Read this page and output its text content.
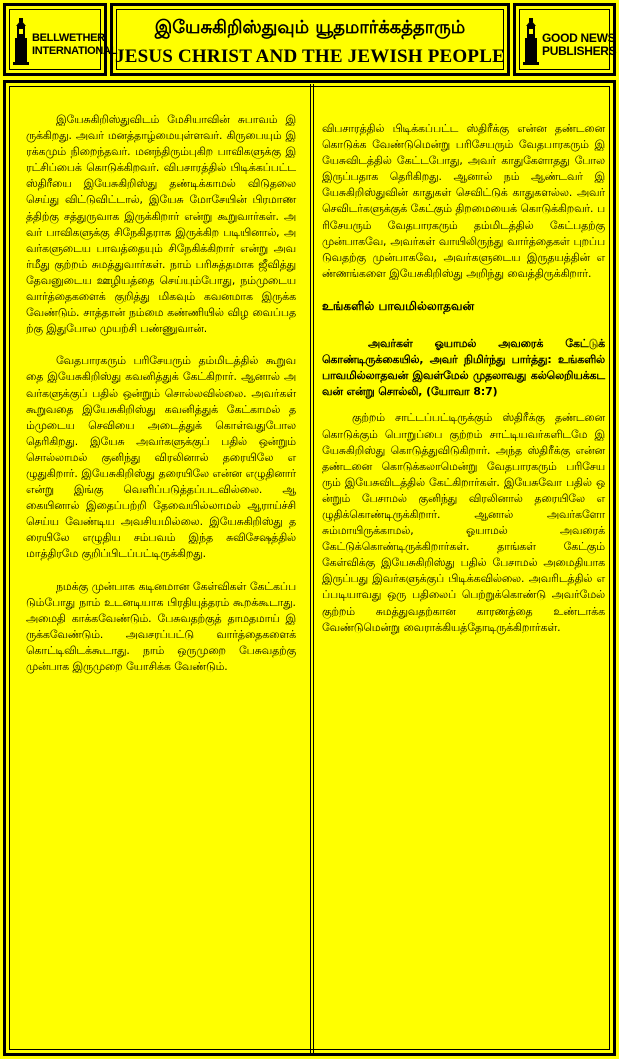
BELLWETHER
INTERNATIONAL
இயேசுகிறிஸ்துவும் யூதமார்க்கத்தாரும்
JESUS CHRIST AND THE JEWISH PEOPLE
GOOD NEWS
PUBLISHERS

இயேசுகிறிஸ்துவிடம் மேசியாவின் சுபாவம் இருக்கிறது. அவர் மனத்தாழ்மையுள்ளவர். கிருபையும் இரக்கமும் நிறைந்தவர். மனந்திரும்புகிற பாவிகளுக்கு இரட்சிப்பைக் கொடுக்கிறவர். விபசாரத்தில் பிடிக்கப்பட்ட ஸ்திரீயை இயேசுகிறிஸ்து தண்டிக்காமல் விடுதலை செய்து விட்டுவிட்டால், இயேசு மோசேயின் பிரமாணத்திற்கு சத்துருவாக இருக்கிறார் என்று கூறுவார்கள். அவர் பாவிகளுக்கு சிநேகிதராக இருக்கிற படியினால், அவர்களுடைய பாவத்தையும் சிநேகிக்கிறார் என்று அவர்மீது குற்றம் சுமத்துவார்கள். நாம் பரிசுத்தமாக ஜீவித்து தேவனுடைய ஊழியத்தை செய்யும்போது, நம்முடைய வார்த்தைகளைக் குறித்து மிகவும் கவனமாக இருக்கவேண்டும். சாத்தான் நம்மை கண்ணியில் விழ வைப்பதற்கு இதுபோல முயற்சி பண்ணுவான்.

வேதபாரகரும் பரிசேயரும் தம்மிடத்தில் கூறுவதை இயேசுகிறிஸ்து கவனித்துக் கேட்கிறார். ஆனால் அவர்களுக்குப் பதில் ஒன்றும் சொல்லவில்லை. அவர்கள் கூறுவதை இயேசுகிறிஸ்து கவனித்துக் கேட்காமல் தம்முடைய செவியை அடைத்துக் கொள்வதுபோல தெரிகிறது. இயேசு அவர்களுக்குப் பதில் ஒன்றும் சொல்லாமல் குனிந்து விரலினால் தரையிலே எழுதுகிறார். இயேசுகிறிஸ்து தரையிலே என்ன எழுதினார் என்று இங்கு வெளிப்படுத்தப்படவில்லை. ஆகையினால் இதைப்பற்றி தேவையில்லாமல் ஆராய்ச்சி செய்ய வேண்டிய அவசியமில்லை. இயேசுகிறிஸ்து தரையிலே எழுதிய சம்பவம் இந்த சுவிசேஷத்தில் மாத்திரமே குறிப்பிடப்பட்டிருக்கிறது.

நமக்கு முன்பாக கடினமான கேள்விகள் கேட்கப்படும்போது நாம் உடனடியாக பிரதியுத்தரம் கூறக்கூடாது. அமைதி காக்கவேண்டும். பேசுவதற்குத் தாமதமாய் இருக்கவேண்டும். அவசரப்பட்டு வார்த்தைகளைக் கொட்டிவிடக்கூடாது. நாம் ஒருமுறை பேசுவதற்கு முன்பாக இருமுறை யோசிக்க வேண்டும்.

விபசாரத்தில் பிடிக்கப்பட்ட ஸ்திரீக்கு என்ன தண்டனை கொடுக்க வேண்டுமென்று பரிசேயரும் வேதபாரகரும் இயேசுவிடத்தில் கேட்டபோது, அவர் காதுகேளாதது போல இருப்பதாக தெரிகிறது. ஆனால் நம் ஆண்டவர் இயேசுகிறிஸ்துவின் காதுகள் செவிட்டுக் காதுகளல்ல. அவர் செவிடர்களுக்குக் கேட்கும் திறமையைக் கொடுக்கிறவர். பரிசேயரும் வேதபாரகரும் தம்மிடத்தில் கேட்பதற்கு முன்பாகவே, அவர்கள் வாயிலிருந்து வார்த்தைகள் புறப்படுவதற்கு முன்பாகவே, அவர்களுடைய இருதயத்தின் எண்ணங்களை இயேசுகிறிஸ்து அறிந்து வைத்திருக்கிறார்.

உங்களில் பாவமில்லாதவன்

அவர்கள் ஓயாமல் அவரைக் கேட்டுக் கொண்டிருக்கையில், அவர் நிமிர்ந்து பார்த்து: உங்களில் பாவமில்லாதவன் இவள்மேல் முதலாவது கல்லெறியக்கடவன் என்று சொல்லி, (யோவா 8:7)

குற்றம் சாட்டப்பட்டிருக்கும் ஸ்திரீக்கு தண்டனை கொடுக்கும் பொறுப்பை குற்றம் சாட்டியவர்களிடமே இயேசுகிறிஸ்து கொடுத்துவிடுகிறார். அந்த ஸ்திரீக்கு என்ன தண்டனை கொடுக்கலாமென்று வேதபாரகரும் பரிசேயரும் இயேசுவிடத்தில் கேட்கிறார்கள். இயேசுவோ பதில் ஒன்றும் பேசாமல் குனிந்து விரலினால் தரையிலே எழுதிக்கொண்டிருக்கிறார். ஆனால் அவர்களோ சும்மாயிருக்காமல், ஓயாமல் அவரைக் கேட்டுக்கொண்டிருக்கிறார்கள். தாங்கள் கேட்கும் கேள்விக்கு இயேசுகிறிஸ்து பதில் பேசாமல் அமைதியாக இருப்பது இவர்களுக்குப் பிடிக்கவில்லை. அவரிடத்தில் எப்படியாவது ஒரு பதிலைப் பெற்றுக்கொண்டு அவர்மேல் குற்றம் சுமத்துவதற்கான காரணத்தை உண்டாக்க வேண்டுமென்று வைராக்கியத்தோடிருக்கிறார்கள்.
